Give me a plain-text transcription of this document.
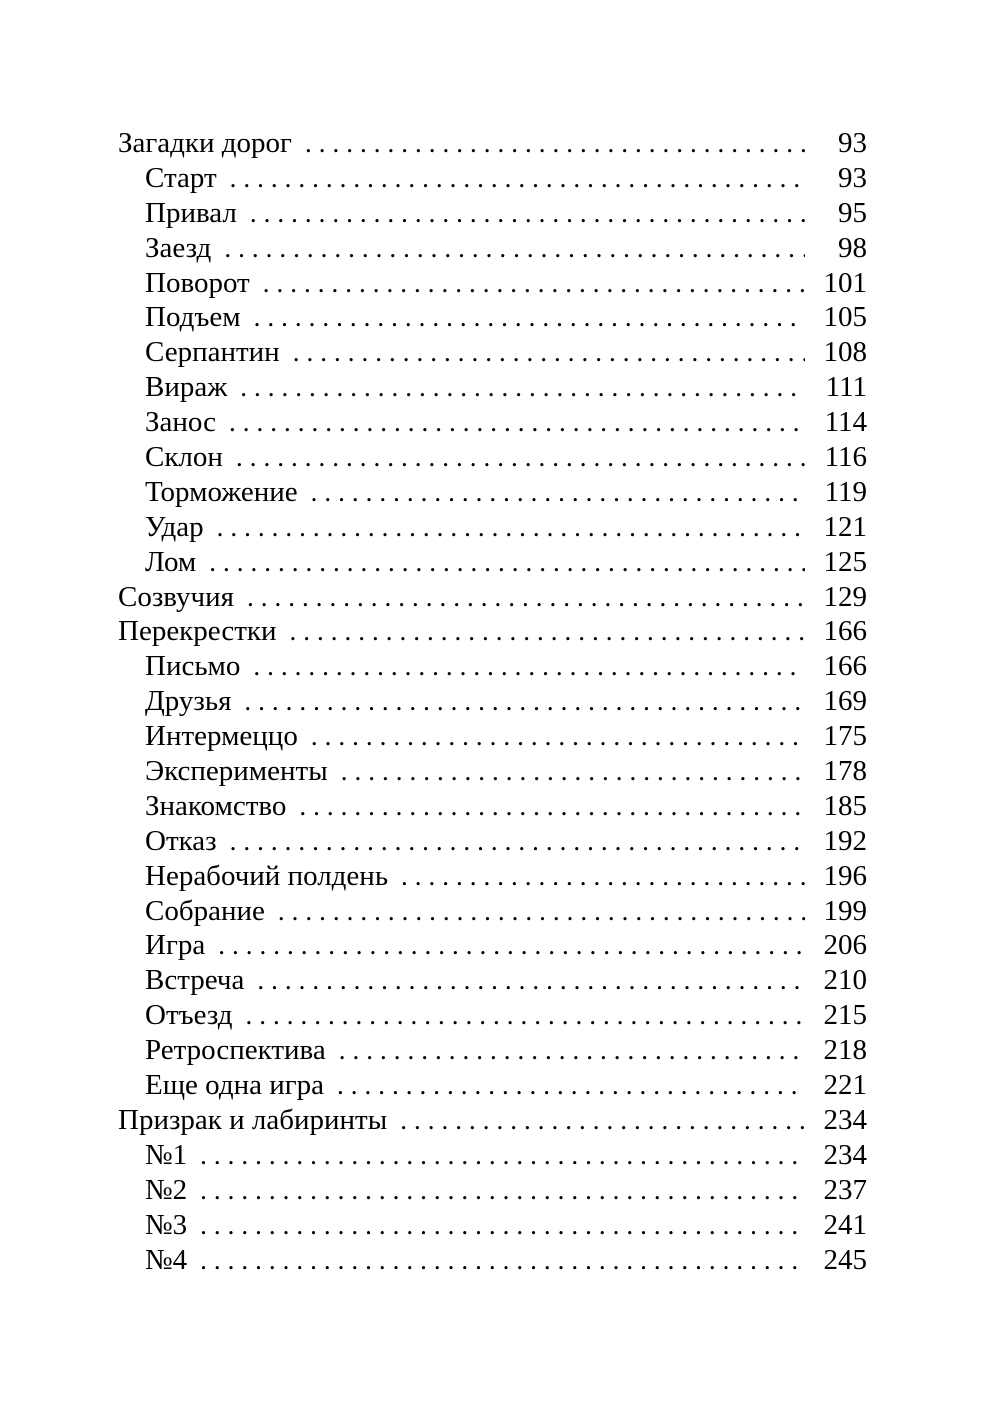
Загадки дорог .....	93
Старт .....	93
Привал .....	95
Заезд .....	98
Поворот .....	101
Подъем .....	105
Серпантин .....	108
Вираж .....	111
Занос .....	114
Склон .....	116
Торможение .....	119
Удар .....	121
Лом .....	125
Созвучия .....	129
Перекрестки .....	166
Письмо .....	166
Друзья .....	169
Интермеццо .....	175
Эксперименты .....	178
Знакомство .....	185
Отказ .....	192
Нерабочий полдень .....	196
Собрание .....	199
Игра .....	206
Встреча .....	210
Отъезд .....	215
Ретроспектива .....	218
Еще одна игра .....	221
Призрак и лабиринты .....	234
№1 .....	234
№2 .....	237
№3 .....	241
№4 .....	245
